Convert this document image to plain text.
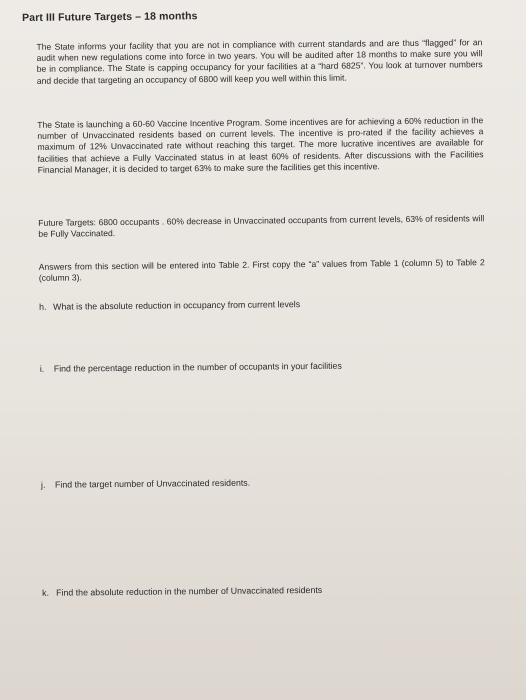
Part III Future Targets – 18 months

The State informs your facility that you are not in compliance with current standards and are thus “flagged” for an audit when new regulations come into force in two years. You will be audited after 18 months to make sure you will be in compliance. The State is capping occupancy for your facilities at a “hard 6825”. You look at turnover numbers and decide that targeting an occupancy of 6800 will keep you well within this limit.

The State is launching a 60-60 Vaccine Incentive Program. Some incentives are for achieving a 60% reduction in the number of Unvaccinated residents based on current levels. The incentive is pro-rated if the facility achieves a maximum of 12% Unvaccinated rate without reaching this target. The more lucrative incentives are available for facilities that achieve a Fully Vaccinated status in at least 60% of residents. After discussions with the Facilities Financial Manager, it is decided to target 63% to make sure the facilities get this incentive.

Future Targets: 6800 occupants . 60% decrease in Unvaccinated occupants from current levels, 63% of residents will be Fully Vaccinated.

Answers from this section will be entered into Table 2. First copy the “a” values from Table 1 (column 5) to Table 2 (column 3).

h. What is the absolute reduction in occupancy from current levels

i. Find the percentage reduction in the number of occupants in your facilities

j. Find the target number of Unvaccinated residents.

k. Find the absolute reduction in the number of Unvaccinated residents
